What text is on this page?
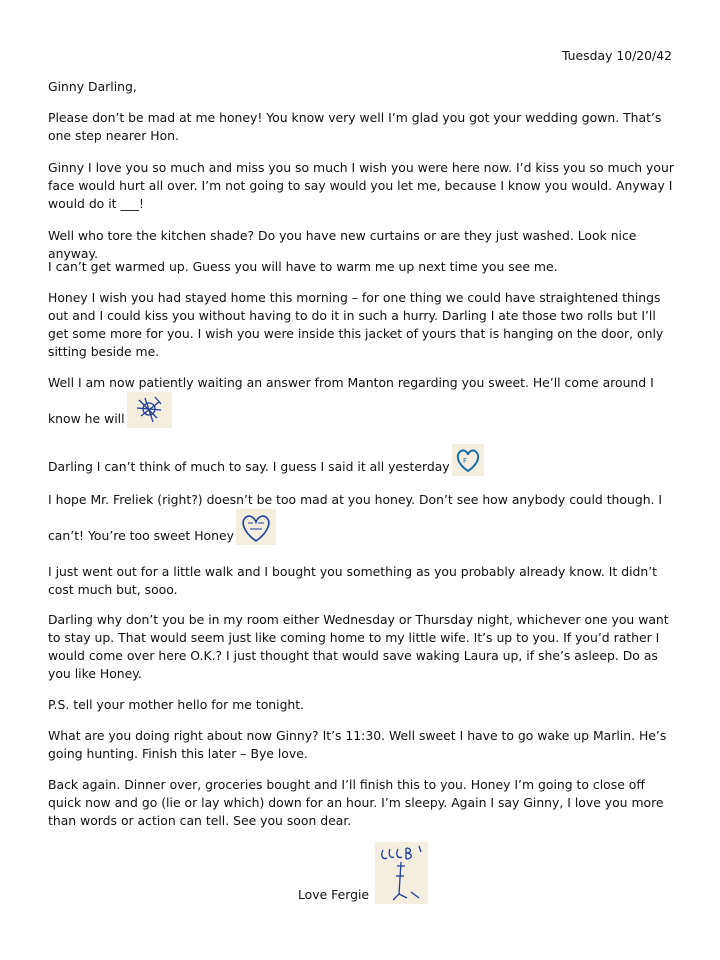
Tuesday 10/20/42

Ginny Darling,

Please don’t be mad at me honey! You know very well I’m glad you got your wedding gown. That’s one step nearer Hon.

Ginny I love you so much and miss you so much I wish you were here now. I’d kiss you so much your face would hurt all over. I’m not going to say would you let me, because I know you would. Anyway I would do it ___!

Well who tore the kitchen shade? Do you have new curtains or are they just washed. Look nice anyway.

I can’t get warmed up. Guess you will have to warm me up next time you see me.

Honey I wish you had stayed home this morning – for one thing we could have straightened things out and I could kiss you without having to do it in such a hurry. Darling I ate those two rolls but I’ll get some more for you. I wish you were inside this jacket of yours that is hanging on the door, only sitting beside me.

Well I am now patiently waiting an answer from Manton regarding you sweet. He’ll come around I know he will

Darling I can’t think of much to say. I guess I said it all yesterday F

I hope Mr. Freliek (right?) doesn’t be too mad at you honey. Don’t see how anybody could though. I can’t! You’re too sweet Honey

I just went out for a little walk and I bought you something as you probably already know. It didn’t cost much but, sooo.

Darling why don’t you be in my room either Wednesday or Thursday night, whichever one you want to stay up. That would seem just like coming home to my little wife. It’s up to you. If you’d rather I would come over here O.K.? I just thought that would save waking Laura up, if she’s asleep. Do as you like Honey.

P.S. tell your mother hello for me tonight.

What are you doing right about now Ginny? It’s 11:30. Well sweet I have to go wake up Marlin. He’s going hunting. Finish this later – Bye love.

Back again. Dinner over, groceries bought and I’ll finish this to you. Honey I’m going to close off quick now and go (lie or lay which) down for an hour. I’m sleepy. Again I say Ginny, I love you more than words or action can tell. See you soon dear.

Love Fergie
